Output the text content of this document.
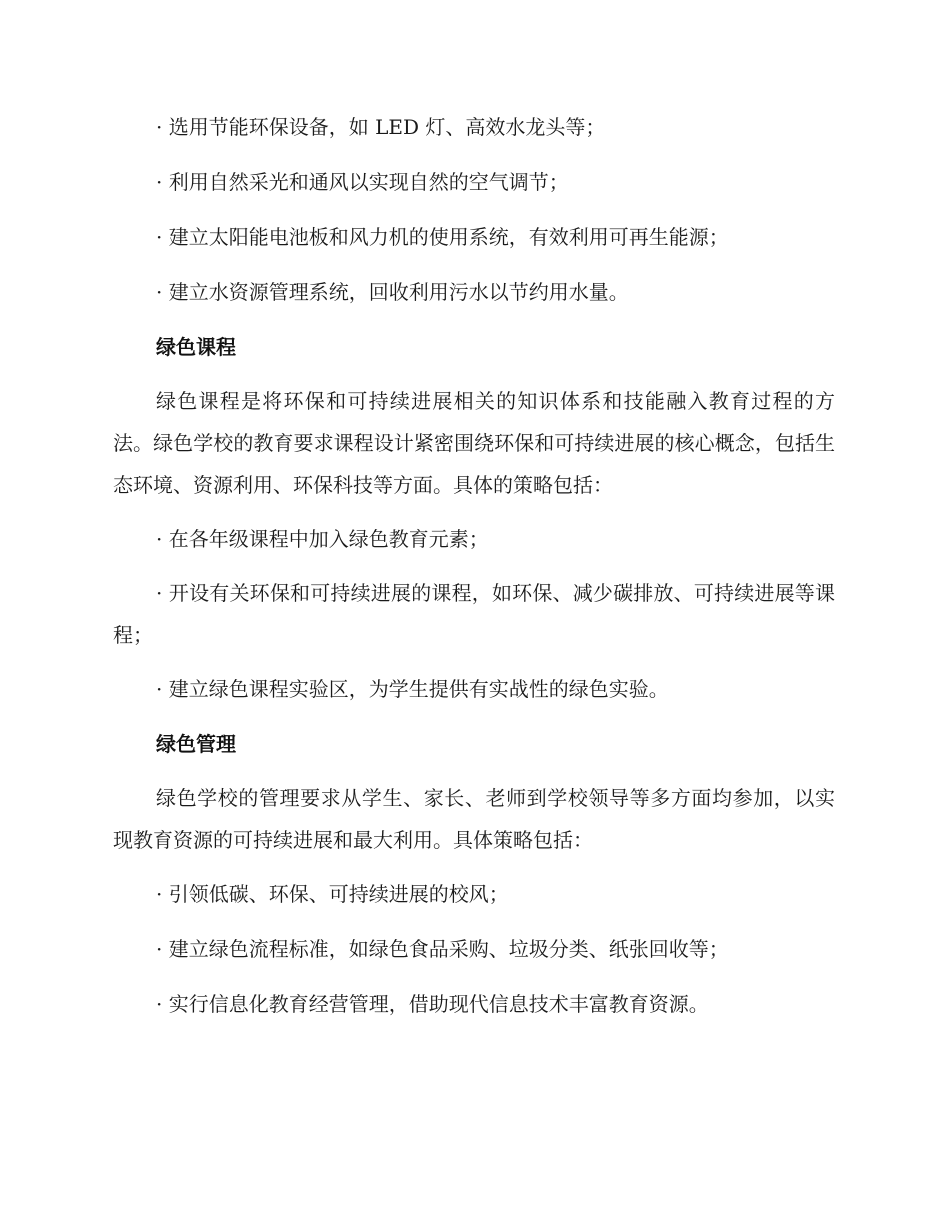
· 选用节能环保设备，如 LED 灯、高效水龙头等；

· 利用自然采光和通风以实现自然的空气调节；

· 建立太阳能电池板和风力机的使用系统，有效利用可再生能源；

· 建立水资源管理系统，回收利用污水以节约用水量。

绿色课程

绿色课程是将环保和可持续进展相关的知识体系和技能融入教育过程的方法。绿色学校的教育要求课程设计紧密围绕环保和可持续进展的核心概念，包括生态环境、资源利用、环保科技等方面。具体的策略包括：

· 在各年级课程中加入绿色教育元素；

· 开设有关环保和可持续进展的课程，如环保、减少碳排放、可持续进展等课程；

· 建立绿色课程实验区，为学生提供有实战性的绿色实验。

绿色管理

绿色学校的管理要求从学生、家长、老师到学校领导等多方面均参加，以实现教育资源的可持续进展和最大利用。具体策略包括：

· 引领低碳、环保、可持续进展的校风；

· 建立绿色流程标准，如绿色食品采购、垃圾分类、纸张回收等；

· 实行信息化教育经营管理，借助现代信息技术丰富教育资源。
